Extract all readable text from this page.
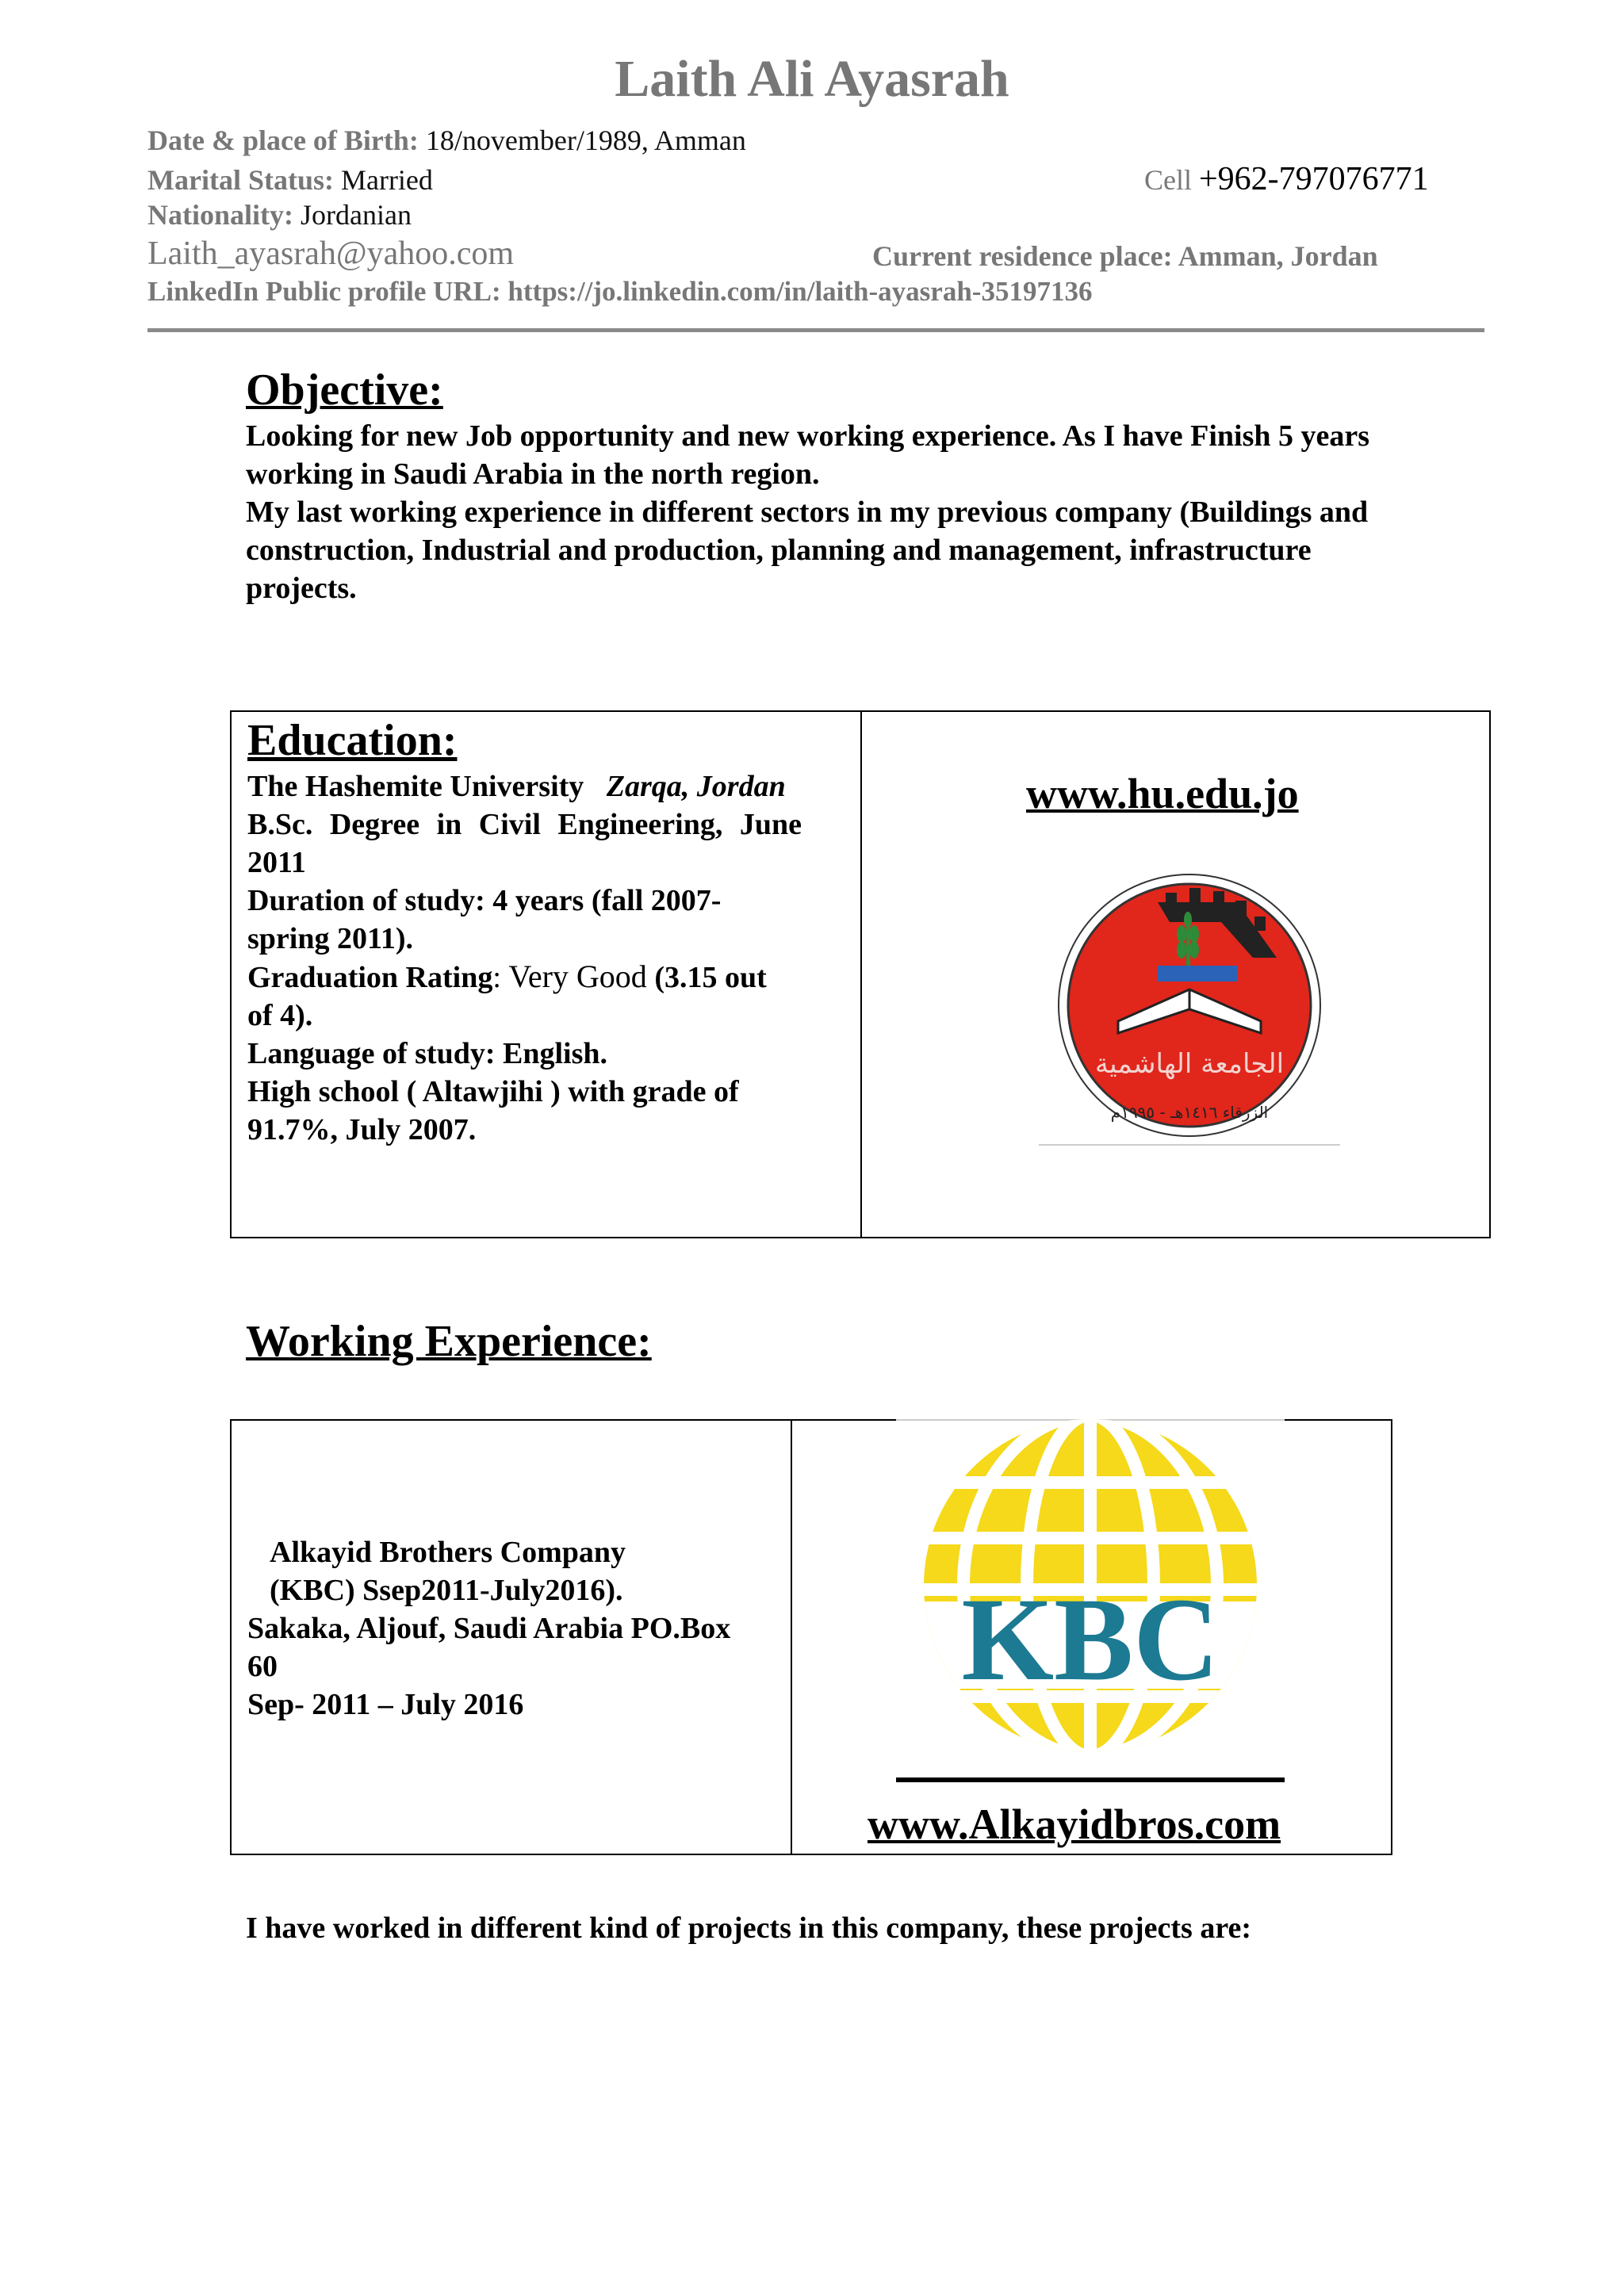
Laith Ali Ayasrah
Date & place of Birth: 18/november/1989, Amman
Marital Status: Married	Cell +962-797076771
Nationality: Jordanian
Laith_ayasrah@yahoo.com	Current residence place: Amman, Jordan
LinkedIn Public profile URL: https://jo.linkedin.com/in/laith-ayasrah-35197136
Objective:
Looking for new Job opportunity and new working experience. As I have Finish 5 years
working in Saudi Arabia in the north region.
My last working experience in different sectors in my previous company (Buildings and
construction, Industrial and production, planning and management, infrastructure
projects.
Education:
The Hashemite University Zarqa, Jordan
B.Sc. Degree in Civil Engineering, June
2011
Duration of study: 4 years (fall 2007-
spring 2011).
Graduation Rating: Very Good (3.15 out
of 4).
Language of study: English.
High school ( Altawjihi ) with grade of
91.7%, July 2007.
www.hu.edu.jo
الجامعة الهاشمية
الزرقاء ١٤١٦هـ - ١٩٩٥م
Working Experience:
Alkayid Brothers Company
(KBC) Ssep2011-July2016).
Sakaka, Aljouf, Saudi Arabia PO.Box
60
Sep- 2011 – July 2016	KBC
www.Alkayidbros.com
I have worked in different kind of projects in this company, these projects are:
